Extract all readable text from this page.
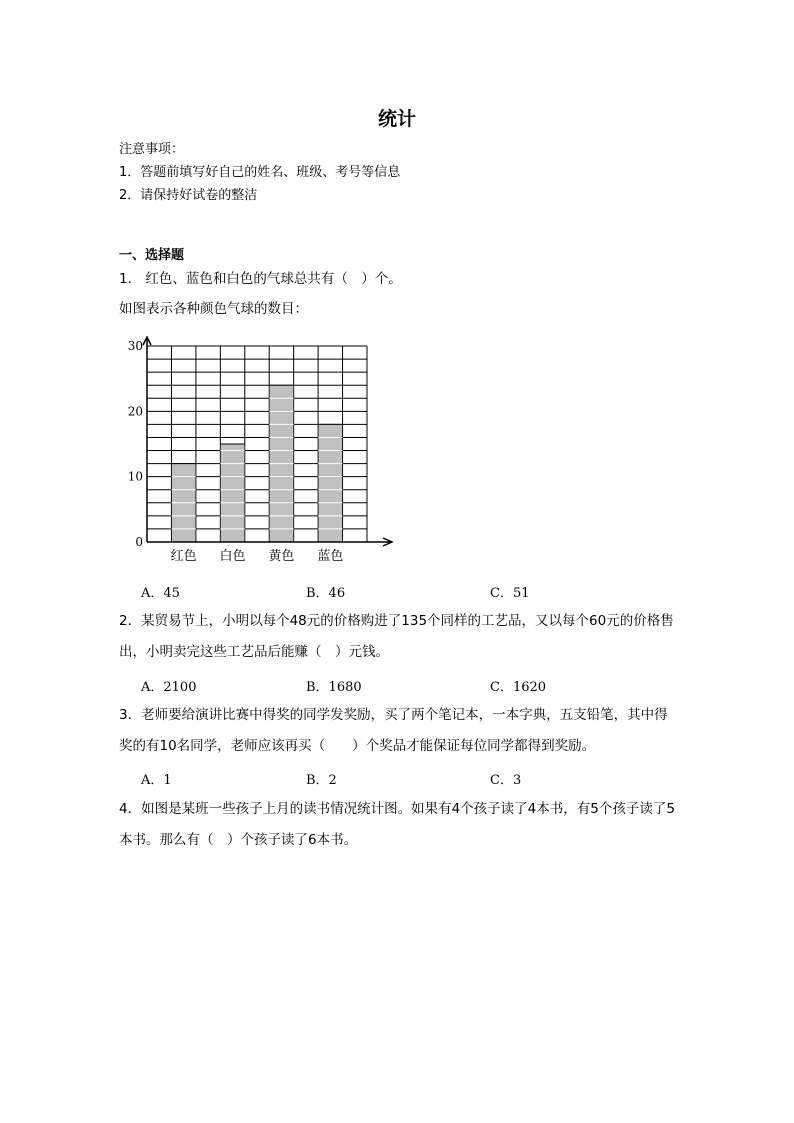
统计
注意事项：
1．答题前填写好自己的姓名、班级、考号等信息
2．请保持好试卷的整洁
一、选择题
1． 红色、蓝色和白色的气球总共有（　）个。
如图表示各种颜色气球的数目：
0
10
20
30
红色 白色 黄色 蓝色
A．45	B．46	C．51
2．某贸易节上，小明以每个48元的价格购进了135个同样的工艺品，又以每个60元的价格售出，小明卖完这些工艺品后能赚（　）元钱。
A．2100	B．1680	C．1620
3．老师要给演讲比赛中得奖的同学发奖励，买了两个笔记本，一本字典，五支铅笔，其中得奖的有10名同学，老师应该再买（　　）个奖品才能保证每位同学都得到奖励。
A．1	B．2	C．3
4．如图是某班一些孩子上月的读书情况统计图。如果有4个孩子读了4本书，有5个孩子读了5本书。那么有（　）个孩子读了6本书。
